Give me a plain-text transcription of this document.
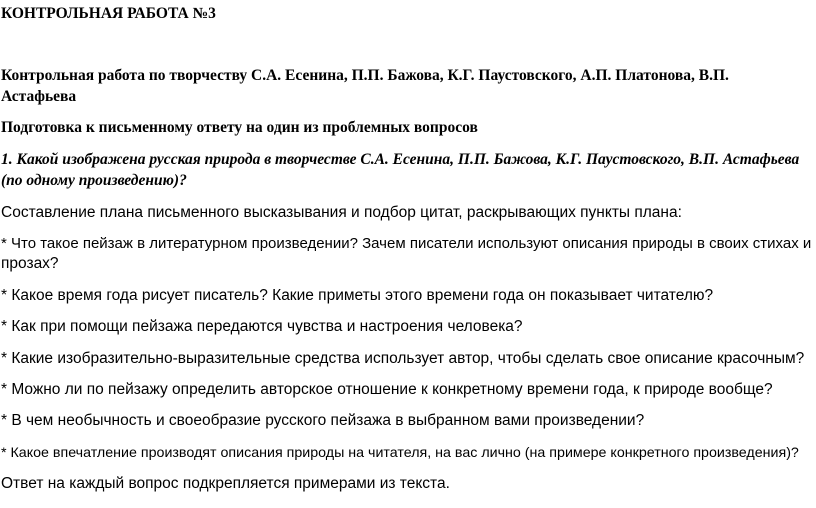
КОНТРОЛЬНАЯ РАБОТА №3
Контрольная работа по творчеству С.А. Есенина, П.П. Бажова, К.Г. Паустовского, А.П. Платонова, В.П.
Астафьева
Подготовка к письменному ответу на один из проблемных вопросов
1. Какой изображена русская природа в творчестве С.А. Есенина, П.П. Бажова, К.Г. Паустовского, В.П. Астафьева
(по одному произведению)?
Составление плана письменного высказывания и подбор цитат, раскрывающих пункты плана:
* Что такое пейзаж в литературном произведении? Зачем писатели используют описания природы в своих стихах и
прозах?
* Какое время года рисует писатель? Какие приметы этого времени года он показывает читателю?
* Как при помощи пейзажа передаются чувства и настроения человека?
* Какие изобразительно-выразительные средства использует автор, чтобы сделать свое описание красочным?
* Можно ли по пейзажу определить авторское отношение к конкретному времени года, к природе вообще?
* В чем необычность и своеобразие русского пейзажа в выбранном вами произведении?
* Какое впечатление производят описания природы на читателя, на вас лично (на примере конкретного произведения)?
Ответ на каждый вопрос подкрепляется примерами из текста.
